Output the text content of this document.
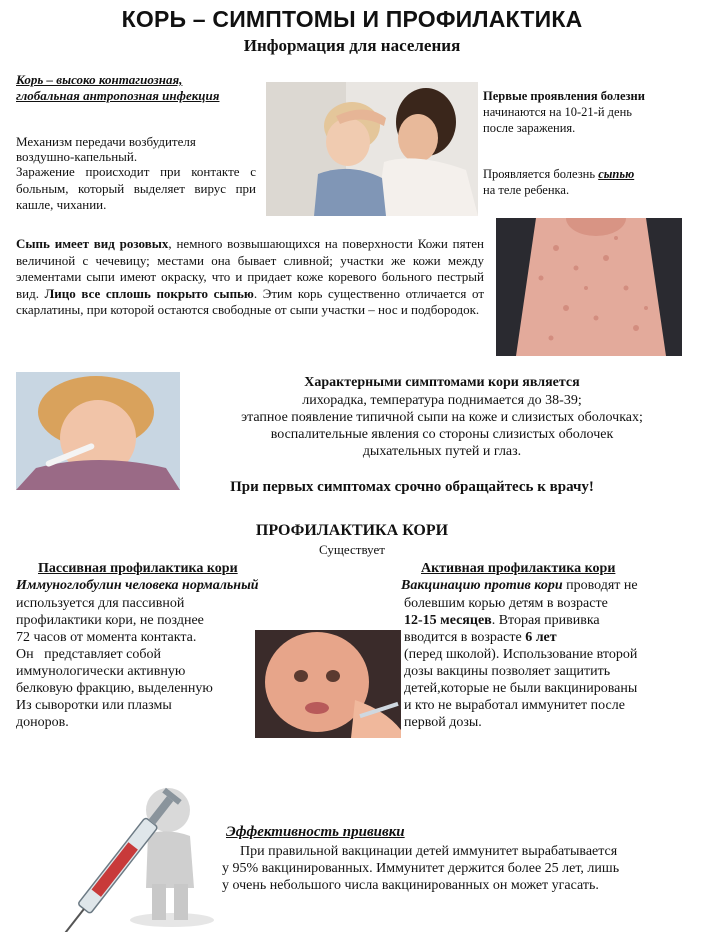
КОРЬ – СИМПТОМЫ И ПРОФИЛАКТИКА
Информация для населения
Корь – высоко контагиозная,
глобальная антропозная инфекция
Механизм передачи возбудителя
воздушно-капельный.
Заражение происходит при контакте с больным, который выделяет вирус при кашле, чихании.
Первые проявления болезни
начинаются на 10-21-й день
после заражения.
Проявляется болезнь сыпью
на теле ребенка.
Сыпь имеет вид розовых, немного возвышающихся на поверхности Кожи пятен величиной с чечевицу; местами она бывает сливной; участки же кожи между элементами сыпи имеют окраску, что и придает коже коревого больного пестрый вид. Лицо все сплошь покрыто сыпью. Этим корь существенно отличается от скарлатины, при которой остаются свободные от сыпи участки – нос и подбородок.
Характерными симптомами кори является
лихорадка, температура поднимается до 38-39;
этапное появление типичной сыпи на коже и слизистых оболочках;
воспалительные явления со стороны слизистых оболочек
дыхательных путей и глаз.
При первых симптомах срочно обращайтесь к врачу!
ПРОФИЛАКТИКА КОРИ
Существует
Пассивная профилактика кори
Иммуноглобулин человека нормальный
используется для пассивной
профилактики кори, не позднее
72 часов от момента контакта.
Он   представляет собой
иммунологически активную
белковую фракцию, выделенную
Из сыворотки или плазмы
доноров.
Активная профилактика кори
Вакцинацию против кори проводят не
болевшим корью детям в возрасте
12-15 месяцев. Вторая прививка
вводится в возрасте 6 лет
(перед школой). Использование второй
дозы вакцины позволяет защитить
детей,которые не были вакцинированы
и кто не выработал иммунитет после
первой дозы.
Эффективность прививки
При правильной вакцинации детей иммунитет вырабатывается
у 95% вакцинированных. Иммунитет держится более 25 лет, лишь
у очень небольшого числа вакцинированных он может угасать.
